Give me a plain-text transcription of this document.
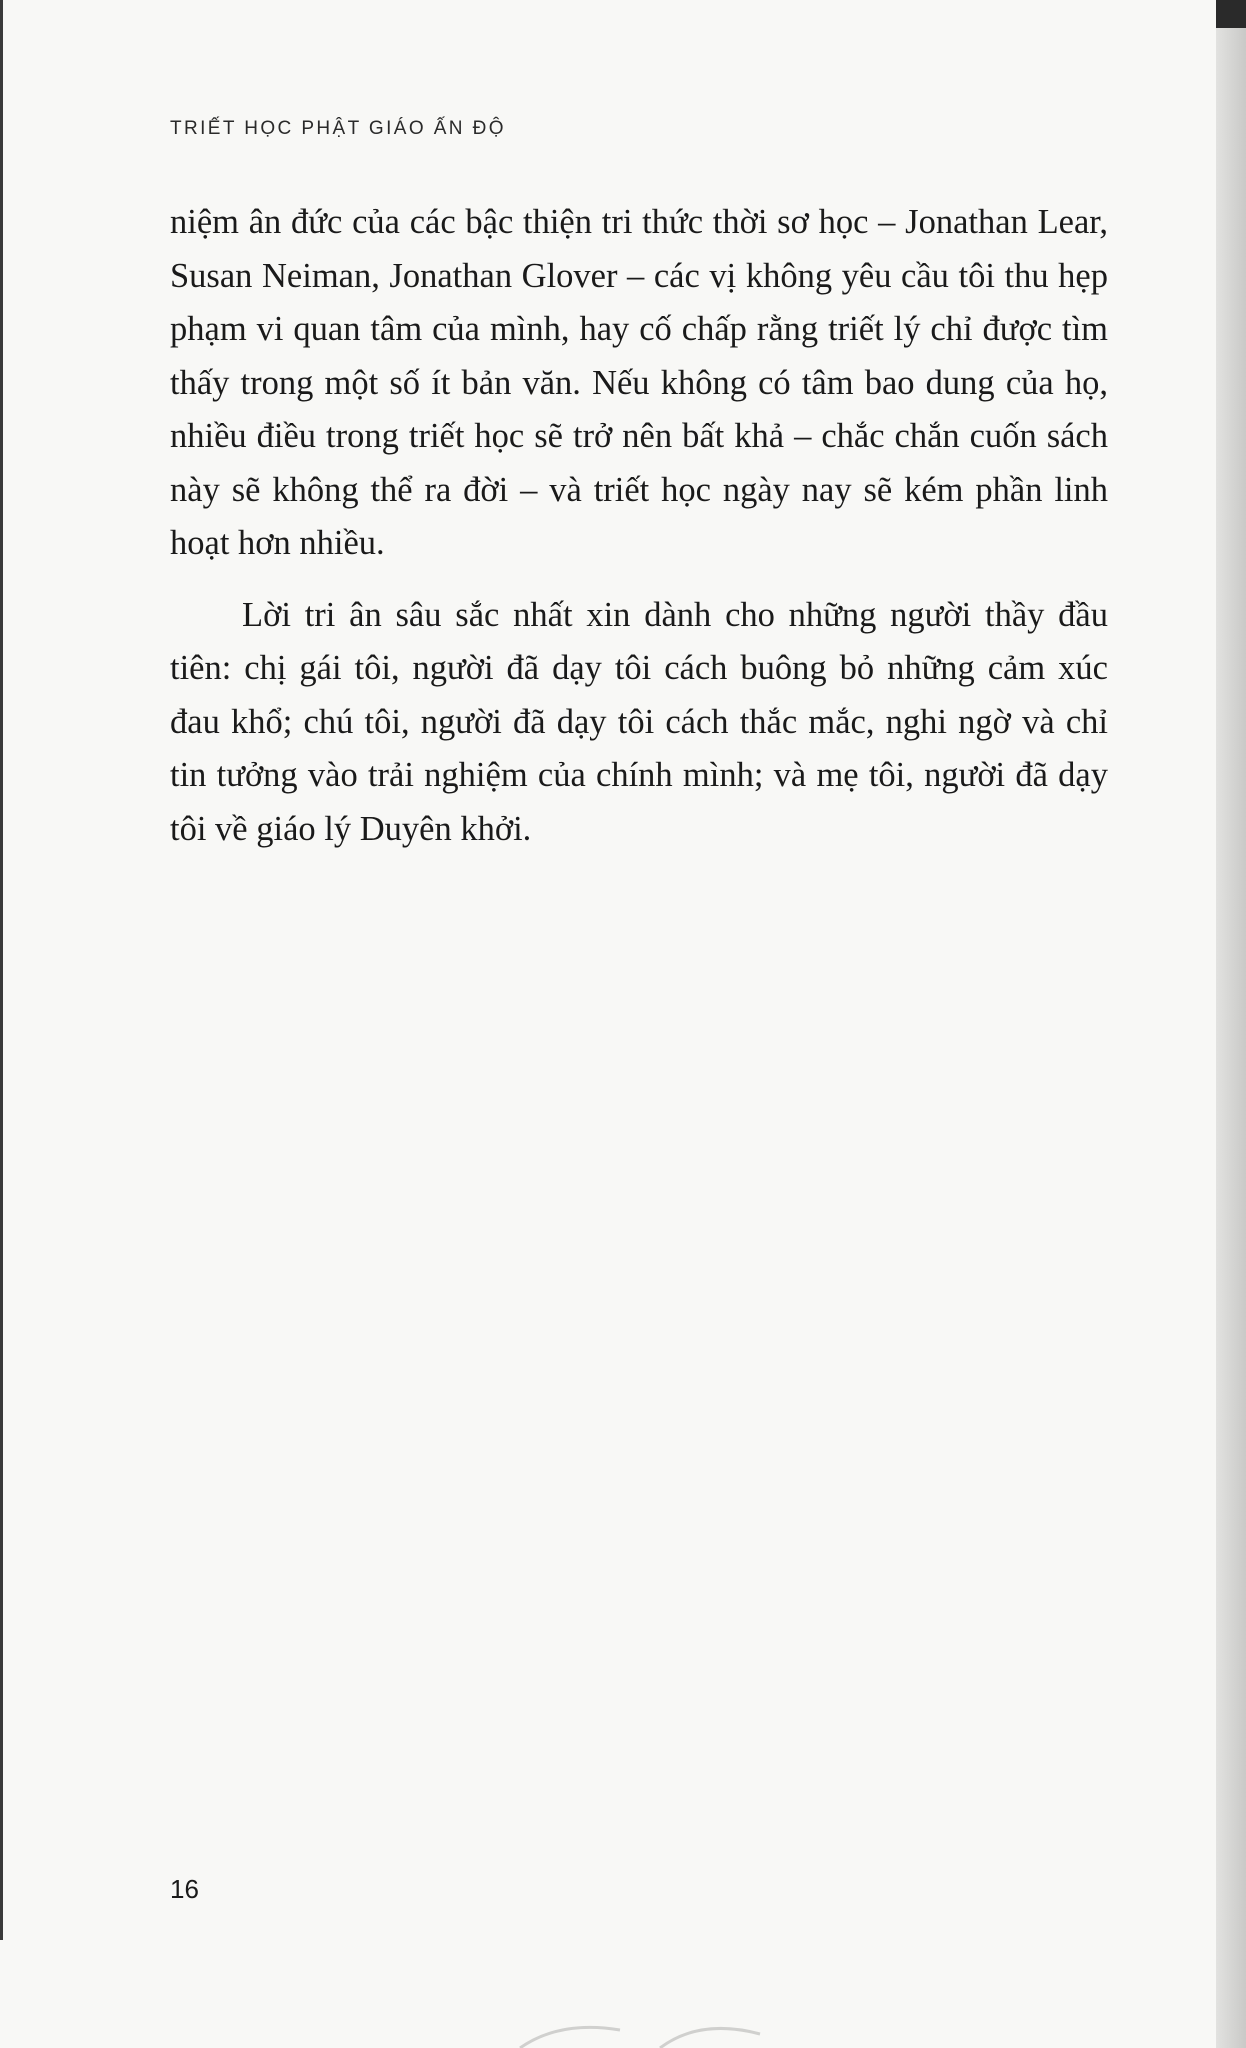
TRIẾT HỌC PHẬT GIÁO ẤN ĐỘ

niệm ân đức của các bậc thiện tri thức thời sơ học – Jonathan Lear, Susan Neiman, Jonathan Glover – các vị không yêu cầu tôi thu hẹp phạm vi quan tâm của mình, hay cố chấp rằng triết lý chỉ được tìm thấy trong một số ít bản văn. Nếu không có tâm bao dung của họ, nhiều điều trong triết học sẽ trở nên bất khả – chắc chắn cuốn sách này sẽ không thể ra đời – và triết học ngày nay sẽ kém phần linh hoạt hơn nhiều.

Lời tri ân sâu sắc nhất xin dành cho những người thầy đầu tiên: chị gái tôi, người đã dạy tôi cách buông bỏ những cảm xúc đau khổ; chú tôi, người đã dạy tôi cách thắc mắc, nghi ngờ và chỉ tin tưởng vào trải nghiệm của chính mình; và mẹ tôi, người đã dạy tôi về giáo lý Duyên khởi.

16
